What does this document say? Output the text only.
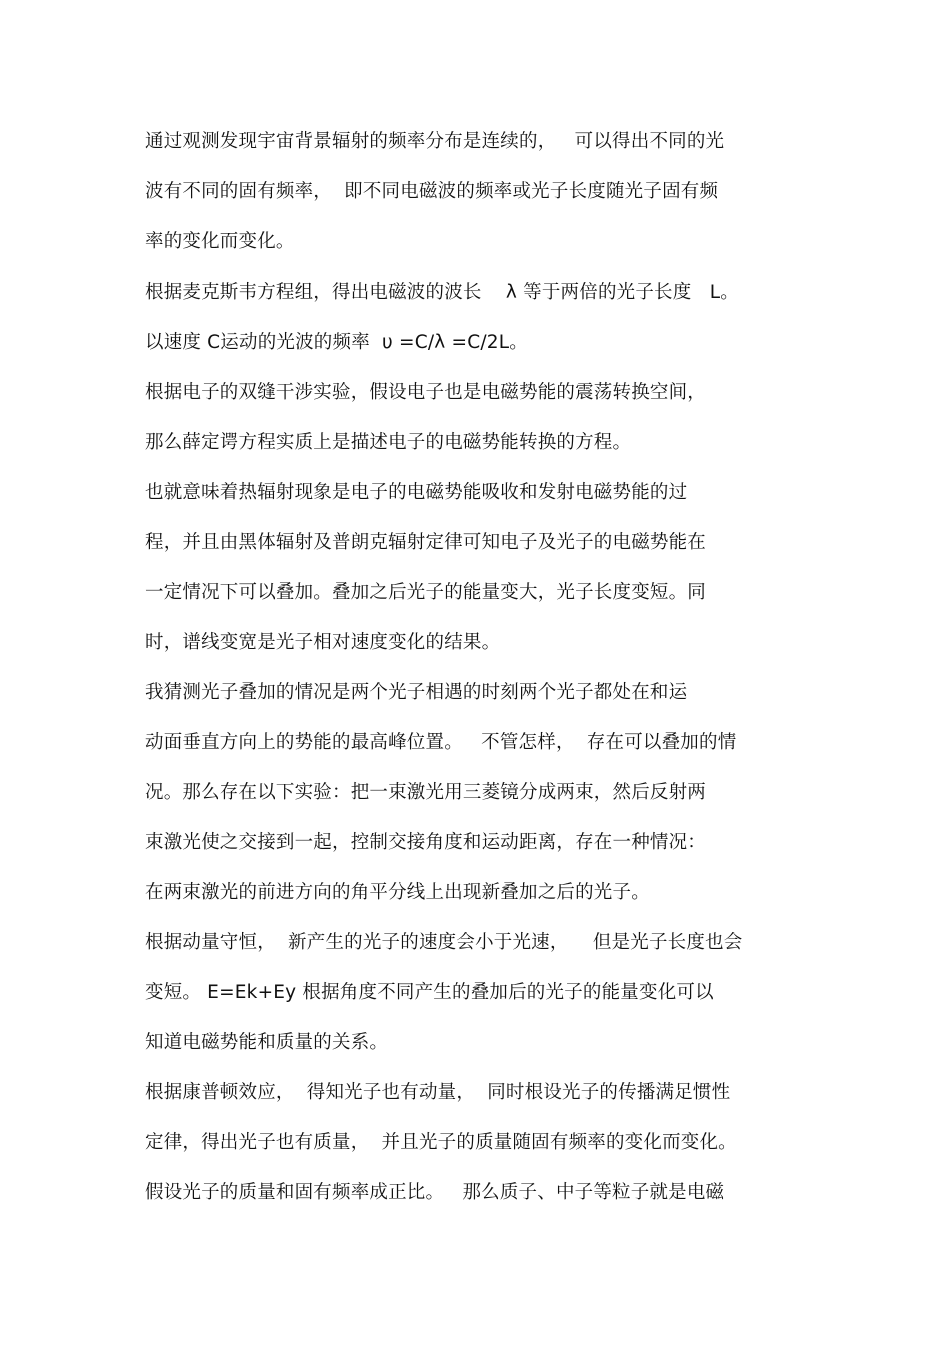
通过观测发现宇宙背景辐射的频率分布是连续的，   可以得出不同的光
波有不同的固有频率，  即不同电磁波的频率或光子长度随光子固有频
率的变化而变化。
根据麦克斯韦方程组，得出电磁波的波长    λ 等于两倍的光子长度   L。
以速度 C运动的光波的频率  υ =C/λ =C/2L。
根据电子的双缝干涉实验，假设电子也是电磁势能的震荡转换空间，
那么薛定谔方程实质上是描述电子的电磁势能转换的方程。
也就意味着热辐射现象是电子的电磁势能吸收和发射电磁势能的过
程，并且由黑体辐射及普朗克辐射定律可知电子及光子的电磁势能在
一定情况下可以叠加。叠加之后光子的能量变大，光子长度变短。同
时，谱线变宽是光子相对速度变化的结果。
我猜测光子叠加的情况是两个光子相遇的时刻两个光子都处在和运
动面垂直方向上的势能的最高峰位置。   不管怎样，  存在可以叠加的情
况。那么存在以下实验：把一束激光用三菱镜分成两束，然后反射两
束激光使之交接到一起，控制交接角度和运动距离，存在一种情况：
在两束激光的前进方向的角平分线上出现新叠加之后的光子。
根据动量守恒，  新产生的光子的速度会小于光速，    但是光子长度也会
变短。 E=Ek+Ey 根据角度不同产生的叠加后的光子的能量变化可以
知道电磁势能和质量的关系。
根据康普顿效应，  得知光子也有动量，  同时根设光子的传播满足惯性
定律，得出光子也有质量，  并且光子的质量随固有频率的变化而变化。
假设光子的质量和固有频率成正比。   那么质子、中子等粒子就是电磁
